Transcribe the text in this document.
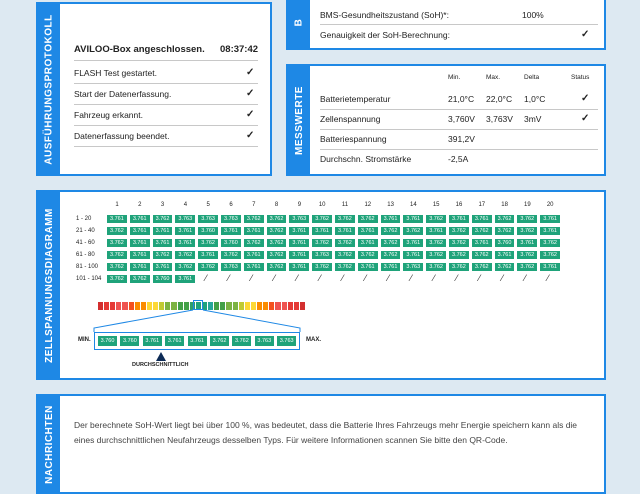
AUSFÜHRUNGSPROTOKOLL AVILOO-Box angeschlossen. 08:37:42
FLASH Test gestartet.	✓
Start der Datenerfassung.	✓
Fahrzeug erkannt.	✓
Datenerfassung beendet.	✓
B
BMS-Gesundheitszustand (SoH)*:	100%
Genauigkeit der SoH-Berechnung:	✓
MESSWERTE
Min.	Max.	Delta	Status
Batterietemperatur	21,0°C 22,0°C 1,0°C	✓
Zellenspannung	3,760V 3,763V 3mV	✓
Batteriespannung	391,2V
Durchschn. Stromstärke	-2,5A
ZELLSPANNUNGSDIAGRAMM
1	2	3	4	5	6	7	8	9	10	11	12	13	14	15	16	17	18	19	20
1 - 20	3.761	3.761	3.762	3.763	3.763	3.763	3.762	3.762	3.763	3.762	3.762	3.762	3.761	3.761	3.762	3.761	3.761	3.762	3.762	3.761
21 - 40	3.762	3.761	3.761	3.761	3.760	3.761	3.761	3.762	3.761	3.761	3.761	3.761	3.762	3.762	3.761	3.762	3.762	3.762	3.762	3.761
41 - 60	3.762	3.761	3.761	3.761	3.762	3.760	3.762	3.762	3.761	3.762	3.762	3.761	3.762	3.761	3.762	3.762	3.761	3.760	3.761	3.762
61 - 80	3.762	3.761	3.762	3.762	3.761	3.762	3.761	3.762	3.761	3.763	3.762	3.762	3.762	3.761	3.762	3.762	3.762	3.761	3.762	3.762
81 - 100	3.762	3.761	3.761	3.762	3.762	3.763	3.761	3.762	3.761	3.762	3.762	3.761	3.761	3.763	3.762	3.762	3.762	3.762	3.762	3.761
101 - 104	3.762	3.762	3.760	3.761	⁄ ⁄ ⁄ ⁄ ⁄ ⁄ ⁄ ⁄ ⁄ ⁄ ⁄ ⁄ ⁄ ⁄ ⁄ ⁄
MIN.	MAX.
3.760	3.760	3.761	3.761	3.761	3.762	3.762	3.763	3.763
DURCHSCHNITTLICH
NACHRICHTEN Der berechnete SoH-Wert liegt bei über 100 %, was bedeutet, dass die Batterie Ihres Fahrzeugs mehr Energie speichern kann als die eines durchschnittlichen Neufahrzeugs desselben Typs. Für weitere Informationen scannen Sie bitte den QR-Code.
